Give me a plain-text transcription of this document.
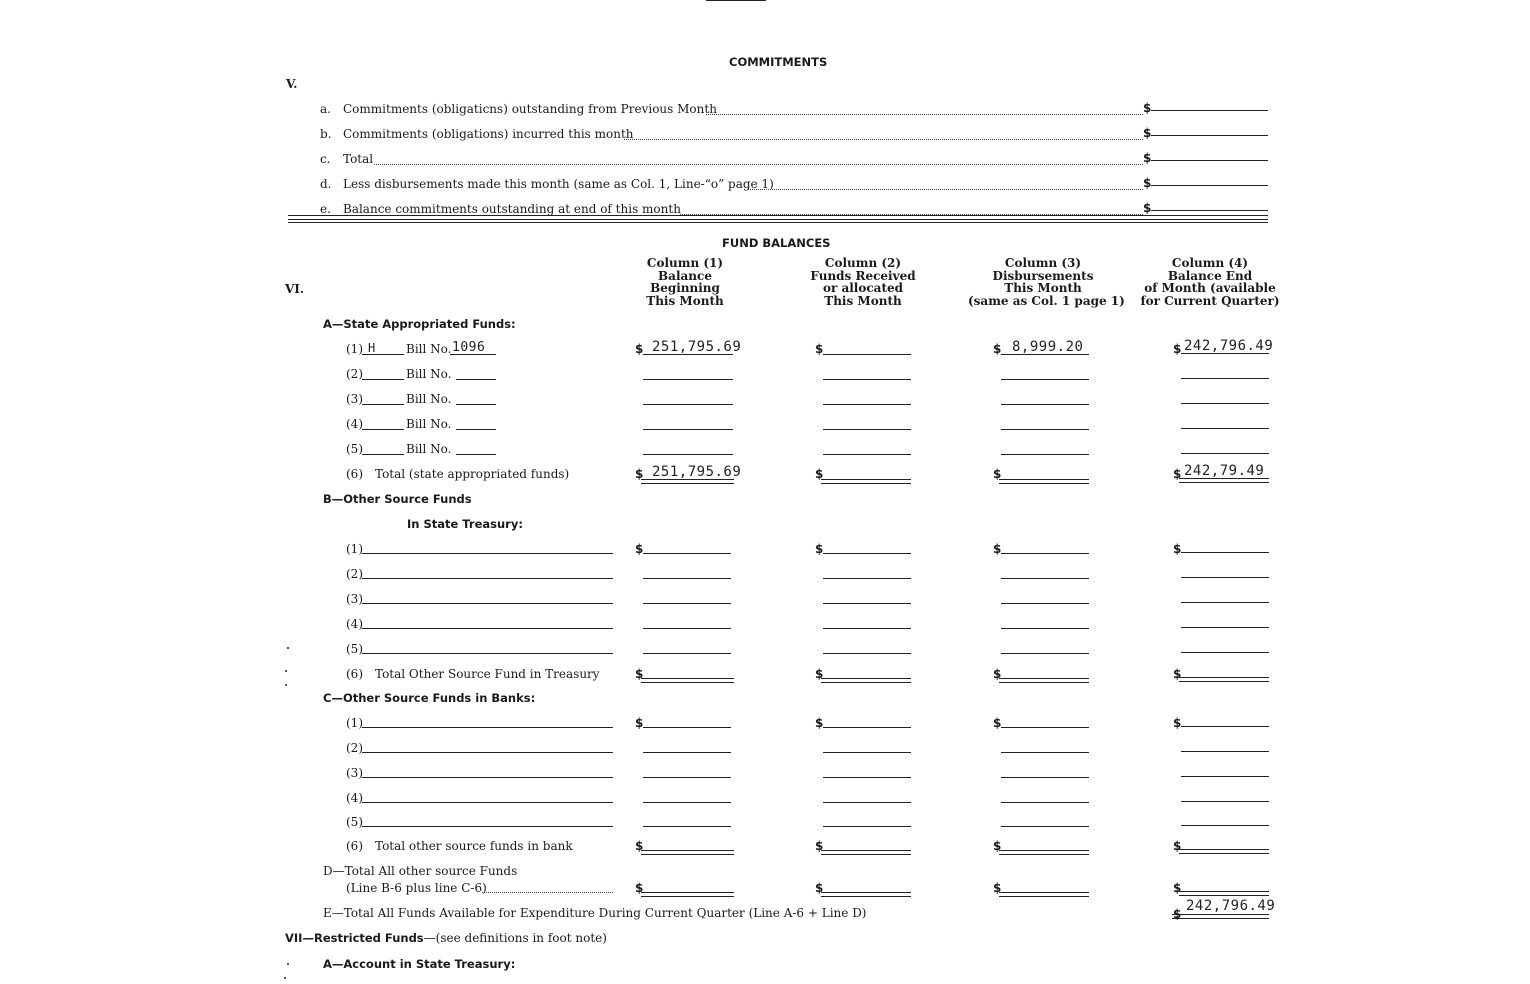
COMMITMENTS
V.
a. Commitments (obligaticns) outstanding from Previous Month	$
b. Commitments (obligations) incurred this month	$
c. Total	$
d. Less disbursements made this month (same as Col. 1, Line-“o” page 1)	$
e. Balance commitments outstanding at end of this month	$
FUND BALANCES
VI.
Column (1)
Balance
Beginning
This Month
Column (2)
Funds Received
or allocated
This Month
Column (3)
Disbursements
This Month
(same as Col. 1 page 1)
Column (4)
Balance End
of Month (available
for Current Quarter)
A—State Appropriated Funds:
(1) H	Bill No. 1096	$ 251,795.69	$	$ 8,999.20	$ 242,796.49
(2)	Bill No.
(3)	Bill No.
(4)	Bill No.
(5)	Bill No.
(6) Total (state appropriated funds)	$ 251,795.69	$	$	$ 242,79.49
B—Other Source Funds
In State Treasury:
(1)	$	$	$	$
(2)
(3)
(4)
(5)
(6) Total Other Source Fund in Treasury	$	$	$	$
C—Other Source Funds in Banks:
(1)	$	$	$	$
(2)
(3)
(4)
(5)
(6) Total other source funds in bank	$	$	$	$
D—Total All other source Funds
(Line B-6 plus line C-6)	$	$	$	$
E—Total All Funds Available for Expenditure During Current Quarter (Line A-6 + Line D)	$ 242,796.49
VII—Restricted Funds—(see definitions in foot note)
A—Account in State Treasury:
